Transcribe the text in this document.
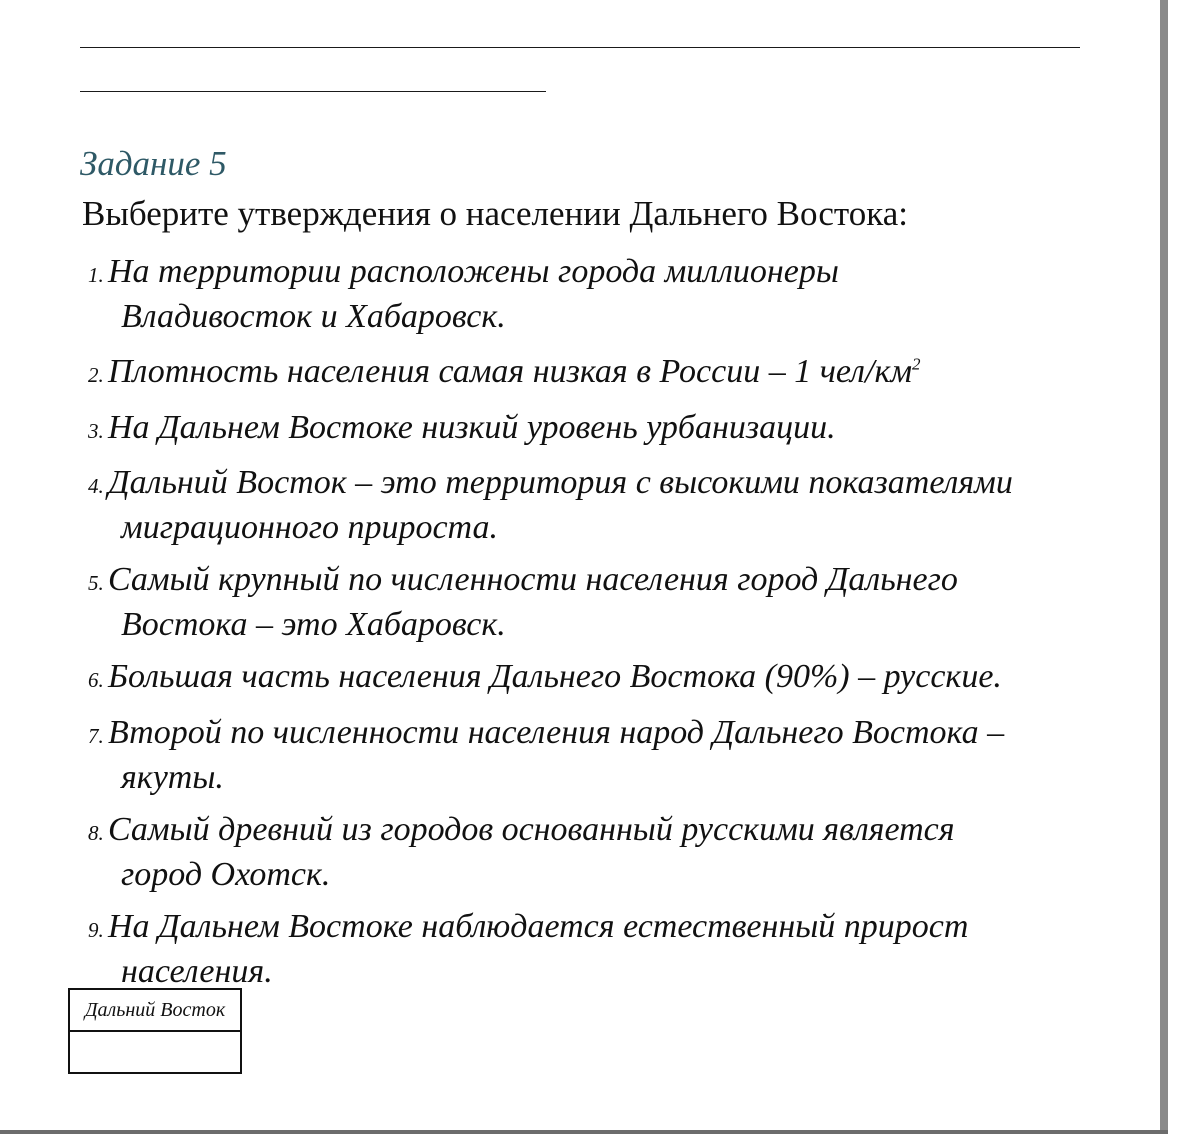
Задание 5
Выберите утверждения о населении Дальнего Востока:
1. На территории расположены города миллионеры
Владивосток и Хабаровск.
2. Плотность населения самая низкая в России – 1 чел/$км^2$
3. На Дальнем Востоке низкий уровень урбанизации.
4. Дальний Восток – это территория с высокими показателями
миграционного прироста.
5. Самый крупный по численности населения город Дальнего
Востока – это Хабаровск.
6. Большая часть населения Дальнего Востока (90%) – русские.
7. Второй по численности населения народ Дальнего Востока –
якуты.
8. Самый древний из городов основанный русскими является
город Охотск.
9. На Дальнем Востоке наблюдается естественный прирост
населения.
Дальний Восток
